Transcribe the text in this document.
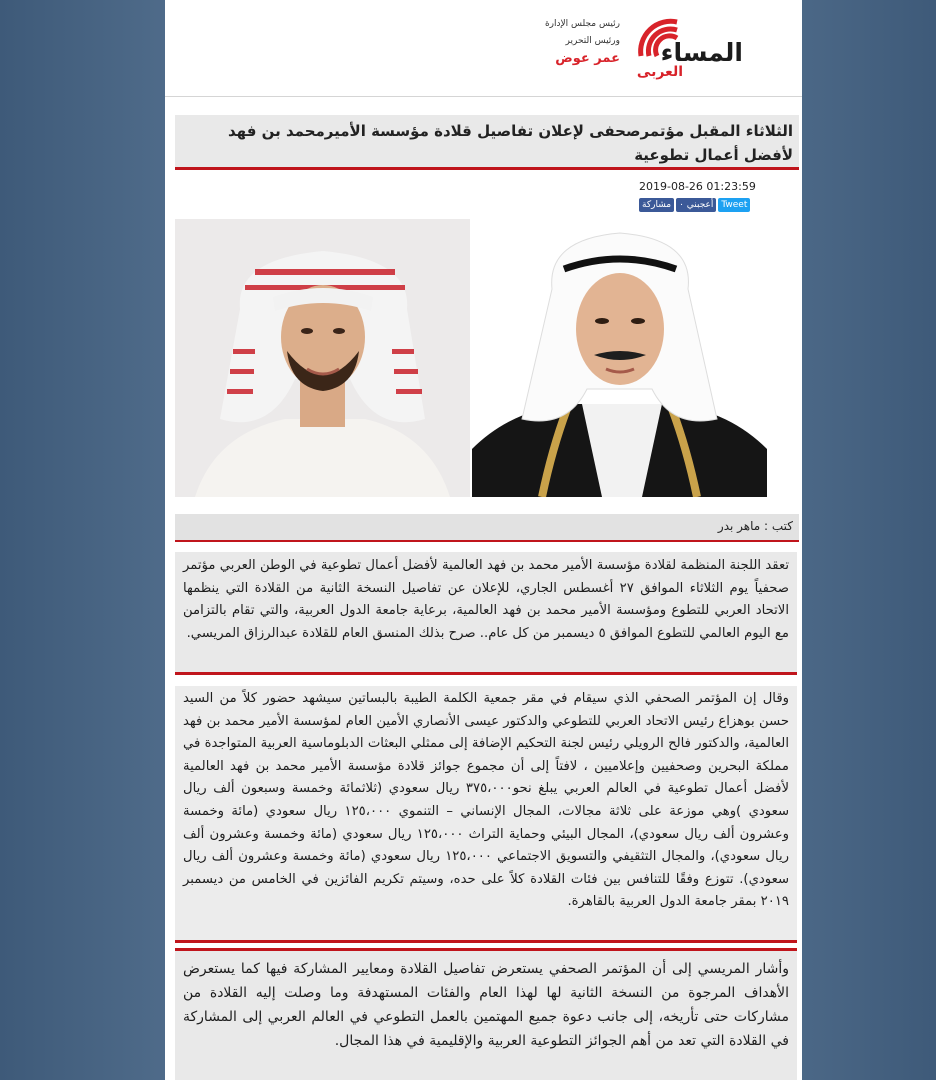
المساء
العربى
رئيس مجلس الإدارة
ورئيس التحرير
عمر عوض
الثلاثاء المقبل مؤتمرصحفى لإعلان تفاصيل قلادة مؤسسة الأميرمحمد بن فهد لأفضل أعمال تطوعية
2019-08-26 01:23:59
مشاركة أعجبني ٠ Tweet
كتب : ماهر بدر
تعقد اللجنة المنظمة لقلادة مؤسسة الأمير محمد بن فهد العالمية لأفضل أعمال تطوعية في الوطن العربي مؤتمر صحفياً يوم الثلاثاء الموافق ٢٧ أغسطس الجاري، للإعلان عن تفاصيل النسخة الثانية من القلادة التي ينظمها الاتحاد العربي للتطوع ومؤسسة الأمير محمد بن فهد العالمية، برعاية جامعة الدول العربية، والتي تقام بالتزامن مع اليوم العالمي للتطوع الموافق ٥ ديسمبر من كل عام.. صرح بذلك المنسق العام للقلادة عبدالرزاق المريسي.
وقال إن المؤتمر الصحفي الذي سيقام في مقر جمعية الكلمة الطيبة بالبساتين سيشهد حضور كلاً من السيد حسن بوهزاع رئيس الاتحاد العربي للتطوعي والدكتور عيسى الأنصاري الأمين العام لمؤسسة الأمير محمد بن فهد العالمية، والدكتور فالح الرويلي رئيس لجنة التحكيم الإضافة إلى ممثلي البعثات الدبلوماسية العربية المتواجدة في مملكة البحرين وصحفيين وإعلاميين ، لافتاً إلى أن مجموع جوائز قلادة مؤسسة الأمير محمد بن فهد العالمية لأفضل أعمال تطوعية في العالم العربي يبلغ نحو٣٧٥،٠٠٠ ريال سعودي (ثلاثمائة وخمسة وسبعون ألف ريال سعودي )وهي موزعة على ثلاثة مجالات، المجال الإنساني – التنموي ١٢٥،٠٠٠ ريال سعودي (مائة وخمسة وعشرون ألف ريال سعودي)، المجال البيئي وحماية التراث ١٢٥،٠٠٠ ريال سعودي (مائة وخمسة وعشرون ألف ريال سعودي)، والمجال التثقيفي والتسويق الاجتماعي ١٢٥،٠٠٠ ريال سعودي (مائة وخمسة وعشرون ألف ريال سعودي). تتوزع وفقًا للتنافس بين فئات القلادة كلاً على حده، وسيتم تكريم الفائزين في الخامس من ديسمبر ٢٠١٩ بمقر جامعة الدول العربية بالقاهرة.
وأشار المريسي إلى أن المؤتمر الصحفي يستعرض تفاصيل القلادة ومعايير المشاركة فيها كما يستعرض الأهداف المرجوة من النسخة الثانية لها لهذا العام والفئات المستهدفة وما وصلت إليه القلادة من مشاركات حتى تأريخه، إلى جانب دعوة جميع المهتمين بالعمل التطوعي في العالم العربي إلى المشاركة في القلادة التي تعد من أهم الجوائز التطوعية العربية والإقليمية في هذا المجال.
